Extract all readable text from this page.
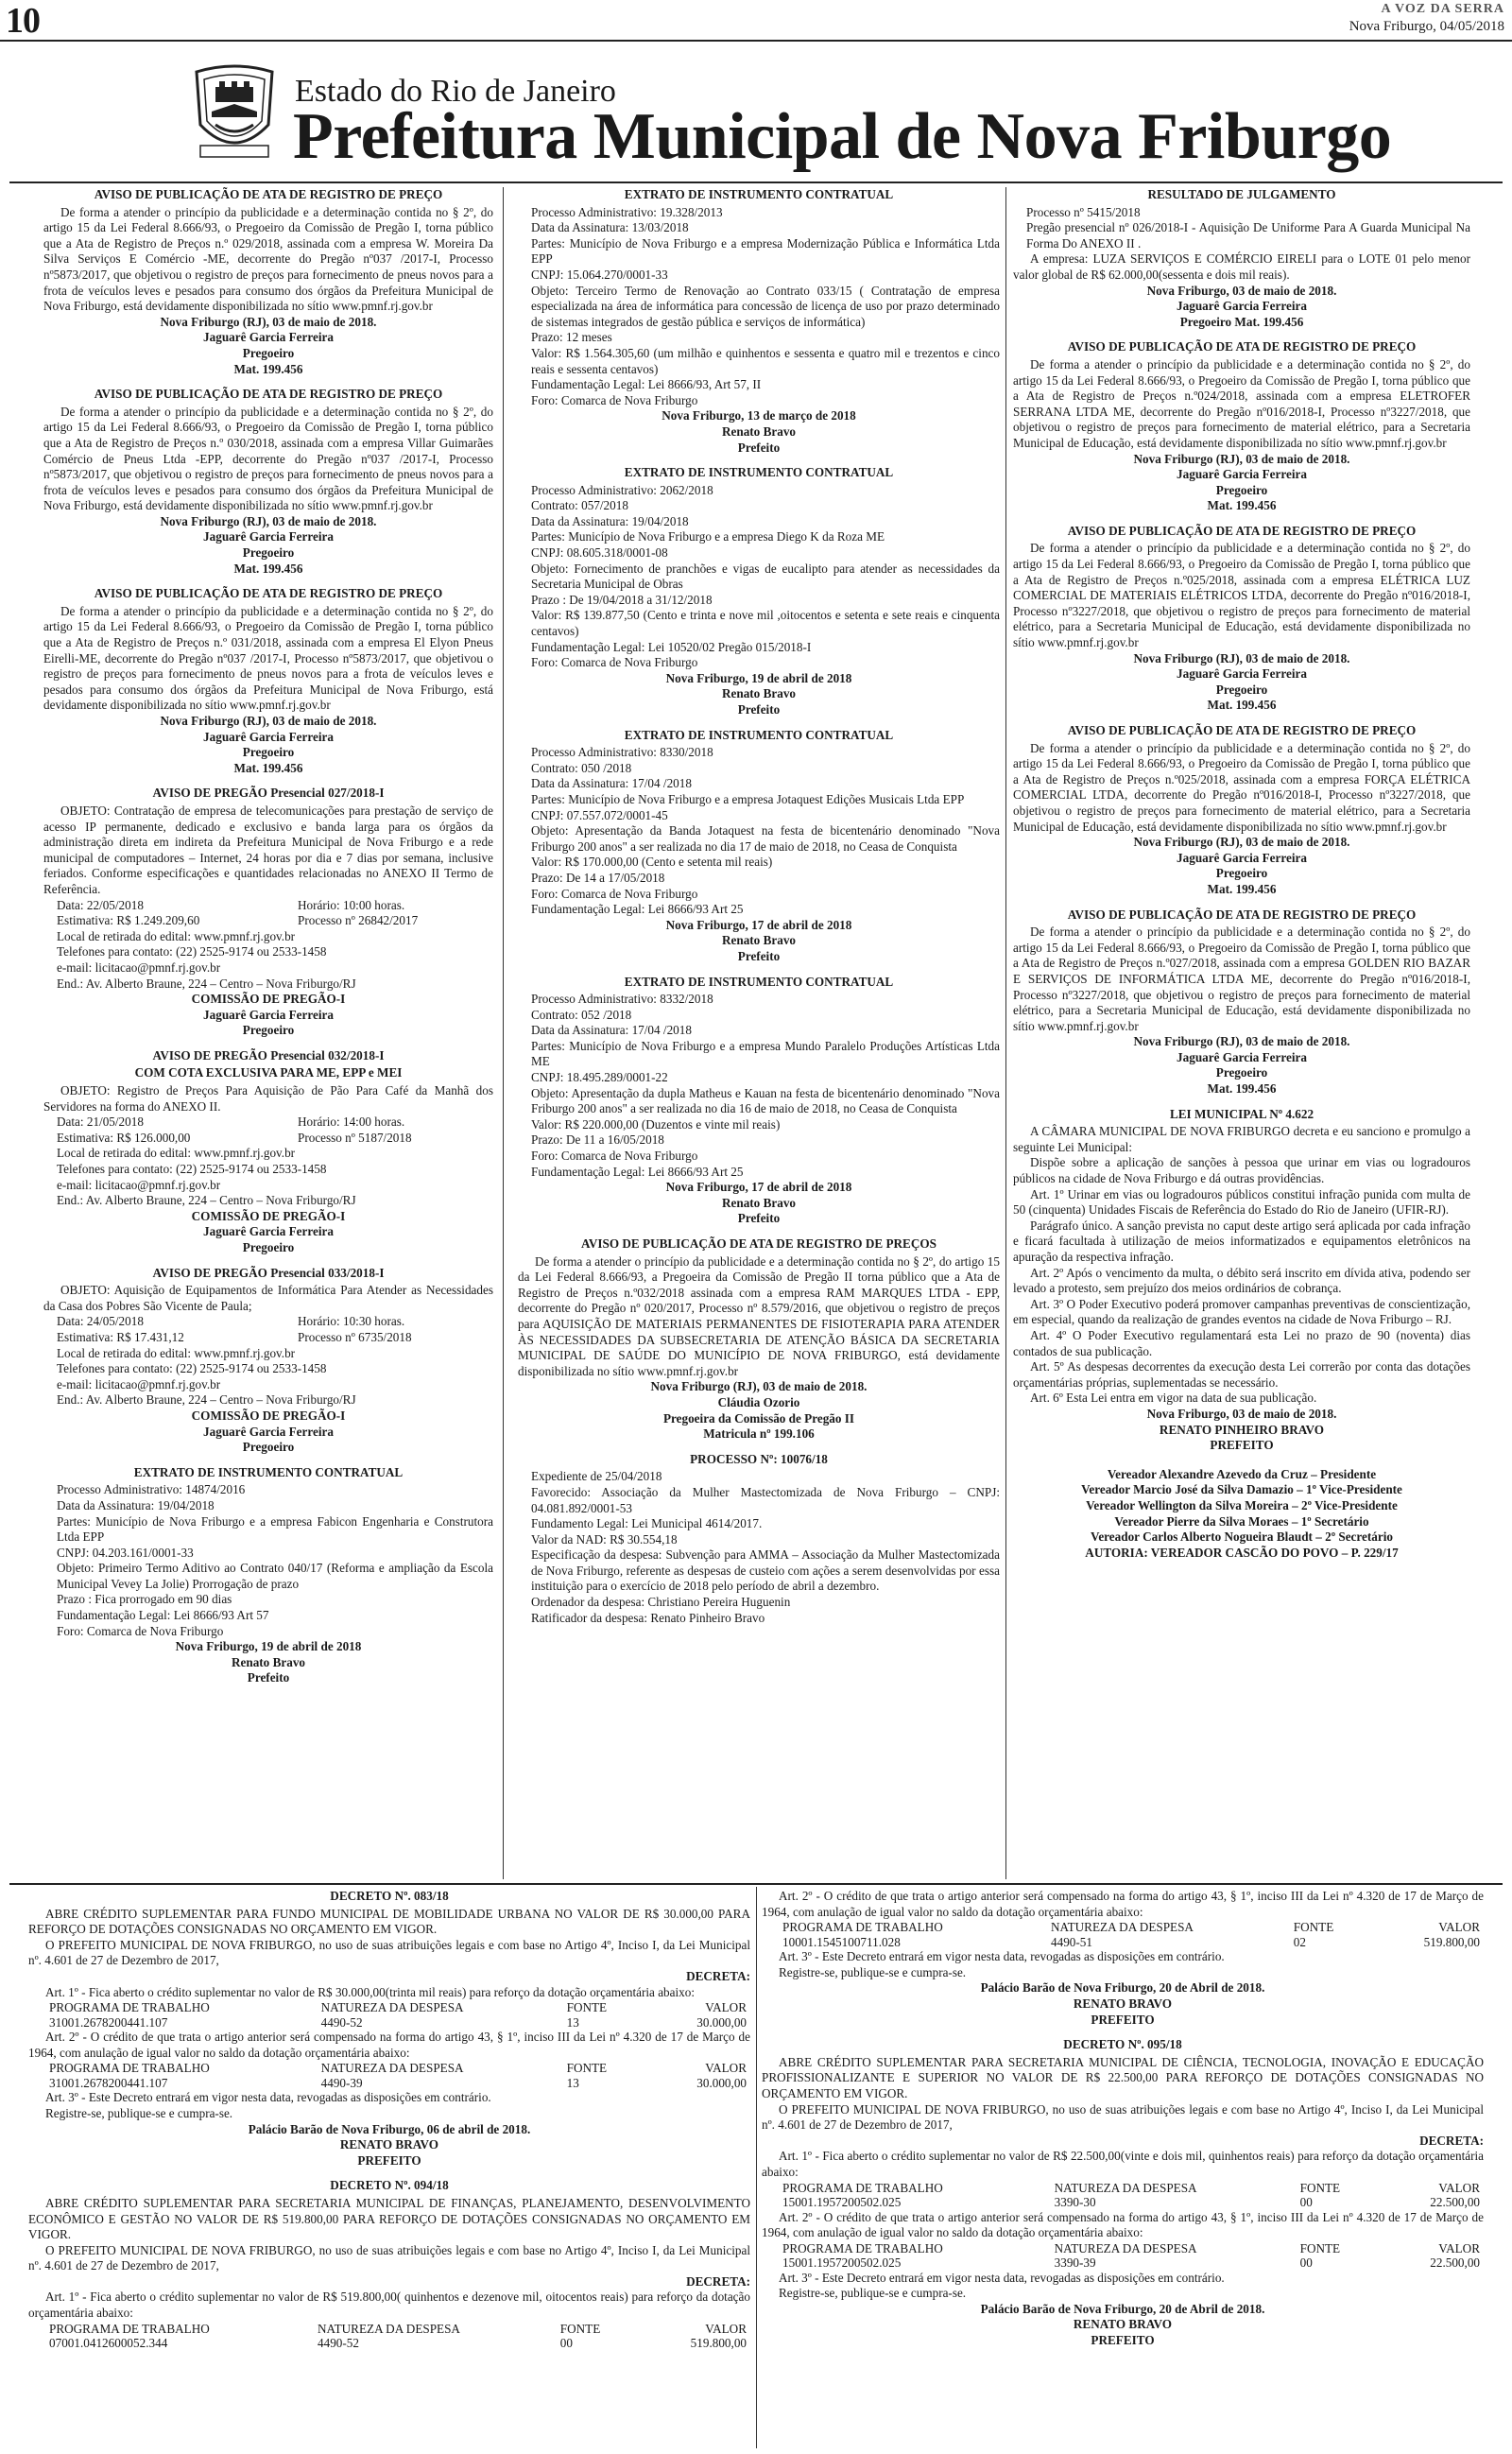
10	A VOZ DA SERRA
Nova Friburgo, 04/05/2018
Estado do Rio de Janeiro
Prefeitura Municipal de Nova Friburgo
AVISO DE PUBLICAÇÃO DE ATA DE REGISTRO DE PREÇO
De forma a atender o princípio da publicidade e a determinação contida no § 2º, do artigo 15 da Lei Federal 8.666/93, o Pregoeiro da Comissão de Pregão I, torna público que a Ata de Registro de Preços n.º 029/2018, assinada com a empresa W. Moreira Da Silva Serviços E Comércio -ME, decorrente do Pregão nº037 /2017-I, Processo nº5873/2017, que objetivou o registro de preços para fornecimento de pneus novos para a frota de veículos leves e pesados para consumo dos órgãos da Prefeitura Municipal de Nova Friburgo, está devidamente disponibilizada no sítio www.pmnf.rj.gov.br
Nova Friburgo (RJ), 03 de maio de 2018.
Jaguarê Garcia Ferreira
Pregoeiro
Mat. 199.456
AVISO DE PUBLICAÇÃO DE ATA DE REGISTRO DE PREÇO
De forma a atender o princípio da publicidade e a determinação contida no § 2º, do artigo 15 da Lei Federal 8.666/93, o Pregoeiro da Comissão de Pregão I, torna público que a Ata de Registro de Preços n.º 030/2018, assinada com a empresa Villar Guimarães Comércio de Pneus Ltda -EPP, decorrente do Pregão nº037 /2017-I, Processo nº5873/2017, que objetivou o registro de preços para fornecimento de pneus novos para a frota de veículos leves e pesados para consumo dos órgãos da Prefeitura Municipal de Nova Friburgo, está devidamente disponibilizada no sítio www.pmnf.rj.gov.br
Nova Friburgo (RJ), 03 de maio de 2018.
Jaguarê Garcia Ferreira
Pregoeiro
Mat. 199.456
AVISO DE PUBLICAÇÃO DE ATA DE REGISTRO DE PREÇO
De forma a atender o princípio da publicidade e a determinação contida no § 2º, do artigo 15 da Lei Federal 8.666/93, o Pregoeiro da Comissão de Pregão I, torna público que a Ata de Registro de Preços n.º 031/2018, assinada com a empresa El Elyon Pneus Eirelli-ME, decorrente do Pregão nº037 /2017-I, Processo nº5873/2017, que objetivou o registro de preços para fornecimento de pneus novos para a frota de veículos leves e pesados para consumo dos órgãos da Prefeitura Municipal de Nova Friburgo, está devidamente disponibilizada no sítio www.pmnf.rj.gov.br
Nova Friburgo (RJ), 03 de maio de 2018.
Jaguarê Garcia Ferreira
Pregoeiro
Mat. 199.456
AVISO DE PREGÃO Presencial 027/2018-I
OBJETO: Contratação de empresa de telecomunicações para prestação de serviço de acesso IP permanente, dedicado e exclusivo e banda larga para os órgãos da administração direta em indireta da Prefeitura Municipal de Nova Friburgo e a rede municipal de computadores – Internet, 24 horas por dia e 7 dias por semana, inclusive feriados. Conforme especificações e quantidades relacionadas no ANEXO II Termo de Referência.
Data: 22/05/2018	Horário: 10:00 horas.
Estimativa: R$ 1.249.209,60	Processo nº 26842/2017
Local de retirada do edital: www.pmnf.rj.gov.br
Telefones para contato: (22) 2525-9174 ou 2533-1458
e-mail: licitacao@pmnf.rj.gov.br
End.: Av. Alberto Braune, 224 – Centro – Nova Friburgo/RJ
COMISSÃO DE PREGÃO-I
Jaguarê Garcia Ferreira
Pregoeiro
AVISO DE PREGÃO Presencial 032/2018-I
COM COTA EXCLUSIVA PARA ME, EPP e MEI
OBJETO: Registro de Preços Para Aquisição de Pão Para Café da Manhã dos Servidores na forma do ANEXO II.
Data: 21/05/2018	Horário: 14:00 horas.
Estimativa: R$ 126.000,00	Processo nº 5187/2018
Local de retirada do edital: www.pmnf.rj.gov.br
Telefones para contato: (22) 2525-9174 ou 2533-1458
e-mail: licitacao@pmnf.rj.gov.br
End.: Av. Alberto Braune, 224 – Centro – Nova Friburgo/RJ
COMISSÃO DE PREGÃO-I
Jaguarê Garcia Ferreira
Pregoeiro
AVISO DE PREGÃO Presencial 033/2018-I
OBJETO: Aquisição de Equipamentos de Informática Para Atender as Necessidades da Casa dos Pobres São Vicente de Paula;
Data: 24/05/2018	Horário: 10:30 horas.
Estimativa: R$ 17.431,12	Processo nº 6735/2018
Local de retirada do edital: www.pmnf.rj.gov.br
Telefones para contato: (22) 2525-9174 ou 2533-1458
e-mail: licitacao@pmnf.rj.gov.br
End.: Av. Alberto Braune, 224 – Centro – Nova Friburgo/RJ
COMISSÃO DE PREGÃO-I
Jaguarê Garcia Ferreira
Pregoeiro
EXTRATO DE INSTRUMENTO CONTRATUAL
Processo Administrativo: 14874/2016
Data da Assinatura: 19/04/2018
Partes: Município de Nova Friburgo e a empresa Fabicon Engenharia e Construtora Ltda EPP
CNPJ: 04.203.161/0001-33
Objeto: Primeiro Termo Aditivo ao Contrato 040/17 (Reforma e ampliação da Escola Municipal Vevey La Jolie) Prorrogação de prazo
Prazo : Fica prorrogado em 90 dias
Fundamentação Legal: Lei 8666/93 Art 57
Foro: Comarca de Nova Friburgo
Nova Friburgo, 19 de abril de 2018
Renato Bravo
Prefeito
EXTRATO DE INSTRUMENTO CONTRATUAL
Processo Administrativo: 19.328/2013
Data da Assinatura: 13/03/2018
Partes: Município de Nova Friburgo e a empresa Modernização Pública e Informática Ltda EPP
CNPJ: 15.064.270/0001-33
Objeto: Terceiro Termo de Renovação ao Contrato 033/15 ( Contratação de empresa especializada na área de informática para concessão de licença de uso por prazo determinado de sistemas integrados de gestão pública e serviços de informática)
Prazo: 12 meses
Valor: R$ 1.564.305,60 (um milhão e quinhentos e sessenta e quatro mil e trezentos e cinco reais e sessenta centavos)
Fundamentação Legal: Lei 8666/93, Art 57, II
Foro: Comarca de Nova Friburgo
Nova Friburgo, 13 de março de 2018
Renato Bravo
Prefeito
EXTRATO DE INSTRUMENTO CONTRATUAL
Processo Administrativo: 2062/2018
Contrato: 057/2018
Data da Assinatura: 19/04/2018
Partes: Município de Nova Friburgo e a empresa Diego K da Roza ME
CNPJ: 08.605.318/0001-08
Objeto: Fornecimento de pranchões e vigas de eucalipto para atender as necessidades da Secretaria Municipal de Obras
Prazo : De 19/04/2018 a 31/12/2018
Valor: R$ 139.877,50 (Cento e trinta e nove mil ,oitocentos e setenta e sete reais e cinquenta centavos)
Fundamentação Legal: Lei 10520/02 Pregão 015/2018-I
Foro: Comarca de Nova Friburgo
Nova Friburgo, 19 de abril de 2018
Renato Bravo
Prefeito
EXTRATO DE INSTRUMENTO CONTRATUAL
Processo Administrativo: 8330/2018
Contrato: 050 /2018
Data da Assinatura: 17/04 /2018
Partes: Município de Nova Friburgo e a empresa Jotaquest Edições Musicais Ltda EPP
CNPJ: 07.557.072/0001-45
Objeto: Apresentação da Banda Jotaquest na festa de bicentenário denominado "Nova Friburgo 200 anos" a ser realizada no dia 17 de maio de 2018, no Ceasa de Conquista
Valor: R$ 170.000,00 (Cento e setenta mil reais)
Prazo: De 14 a 17/05/2018
Foro: Comarca de Nova Friburgo
Fundamentação Legal: Lei 8666/93 Art 25
Nova Friburgo, 17 de abril de 2018
Renato Bravo
Prefeito
EXTRATO DE INSTRUMENTO CONTRATUAL
Processo Administrativo: 8332/2018
Contrato: 052 /2018
Data da Assinatura: 17/04 /2018
Partes: Município de Nova Friburgo e a empresa Mundo Paralelo Produções Artísticas Ltda ME
CNPJ: 18.495.289/0001-22
Objeto: Apresentação da dupla Matheus e Kauan na festa de bicentenário denominado "Nova Friburgo 200 anos" a ser realizada no dia 16 de maio de 2018, no Ceasa de Conquista
Valor: R$ 220.000,00 (Duzentos e vinte mil reais)
Prazo: De 11 a 16/05/2018
Foro: Comarca de Nova Friburgo
Fundamentação Legal: Lei 8666/93 Art 25
Nova Friburgo, 17 de abril de 2018
Renato Bravo
Prefeito
AVISO DE PUBLICAÇÃO DE ATA DE REGISTRO DE PREÇOS
De forma a atender o princípio da publicidade e a determinação contida no § 2º, do artigo 15 da Lei Federal 8.666/93, a Pregoeira da Comissão de Pregão II torna público que a Ata de Registro de Preços n.º032/2018 assinada com a empresa RAM MARQUES LTDA - EPP, decorrente do Pregão nº 020/2017, Processo nº 8.579/2016, que objetivou o registro de preços para AQUISIÇÃO DE MATERIAIS PERMANENTES DE FISIOTERAPIA PARA ATENDER ÀS NECESSIDADES DA SUBSECRETARIA DE ATENÇÃO BÁSICA DA SECRETARIA MUNICIPAL DE SAÚDE DO MUNICÍPIO DE NOVA FRIBURGO, está devidamente disponibilizada no sítio www.pmnf.rj.gov.br
Nova Friburgo (RJ), 03 de maio de 2018.
Cláudia Ozorio
Pregoeira da Comissão de Pregão II
Matricula nº 199.106
PROCESSO Nº: 10076/18
Expediente de 25/04/2018
Favorecido: Associação da Mulher Mastectomizada de Nova Friburgo – CNPJ: 04.081.892/0001-53
Fundamento Legal: Lei Municipal 4614/2017.
Valor da NAD: R$ 30.554,18
Especificação da despesa: Subvenção para AMMA – Associação da Mulher Mastectomizada de Nova Friburgo, referente as despesas de custeio com ações a serem desenvolvidas por essa instituição para o exercício de 2018 pelo período de abril a dezembro.
Ordenador da despesa: Christiano Pereira Huguenin
Ratificador da despesa: Renato Pinheiro Bravo
RESULTADO DE JULGAMENTO
Processo nº 5415/2018
Pregão presencial nº 026/2018-I - Aquisição De Uniforme Para A Guarda Municipal Na Forma Do ANEXO II .
A empresa: LUZA SERVIÇOS E COMÉRCIO EIRELI para o LOTE 01 pelo menor valor global de R$ 62.000,00(sessenta e dois mil reais).
Nova Friburgo, 03 de maio de 2018.
Jaguarê Garcia Ferreira
Pregoeiro Mat. 199.456
AVISO DE PUBLICAÇÃO DE ATA DE REGISTRO DE PREÇO
De forma a atender o princípio da publicidade e a determinação contida no § 2º, do artigo 15 da Lei Federal 8.666/93, o Pregoeiro da Comissão de Pregão I, torna público que a Ata de Registro de Preços n.º024/2018, assinada com a empresa ELETROFER SERRANA LTDA ME, decorrente do Pregão nº016/2018-I, Processo nº3227/2018, que objetivou o registro de preços para fornecimento de material elétrico, para a Secretaria Municipal de Educação, está devidamente disponibilizada no sítio www.pmnf.rj.gov.br
Nova Friburgo (RJ), 03 de maio de 2018.
Jaguarê Garcia Ferreira
Pregoeiro
Mat. 199.456
AVISO DE PUBLICAÇÃO DE ATA DE REGISTRO DE PREÇO
De forma a atender o princípio da publicidade e a determinação contida no § 2º, do artigo 15 da Lei Federal 8.666/93, o Pregoeiro da Comissão de Pregão I, torna público que a Ata de Registro de Preços n.º025/2018, assinada com a empresa ELÉTRICA LUZ COMERCIAL DE MATERIAIS ELÉTRICOS LTDA, decorrente do Pregão nº016/2018-I, Processo nº3227/2018, que objetivou o registro de preços para fornecimento de material elétrico, para a Secretaria Municipal de Educação, está devidamente disponibilizada no sítio www.pmnf.rj.gov.br
Nova Friburgo (RJ), 03 de maio de 2018.
Jaguarê Garcia Ferreira
Pregoeiro
Mat. 199.456
AVISO DE PUBLICAÇÃO DE ATA DE REGISTRO DE PREÇO
De forma a atender o princípio da publicidade e a determinação contida no § 2º, do artigo 15 da Lei Federal 8.666/93, o Pregoeiro da Comissão de Pregão I, torna público que a Ata de Registro de Preços n.º025/2018, assinada com a empresa FORÇA ELÉTRICA COMERCIAL LTDA, decorrente do Pregão nº016/2018-I, Processo nº3227/2018, que objetivou o registro de preços para fornecimento de material elétrico, para a Secretaria Municipal de Educação, está devidamente disponibilizada no sítio www.pmnf.rj.gov.br
Nova Friburgo (RJ), 03 de maio de 2018.
Jaguarê Garcia Ferreira
Pregoeiro
Mat. 199.456
AVISO DE PUBLICAÇÃO DE ATA DE REGISTRO DE PREÇO
De forma a atender o princípio da publicidade e a determinação contida no § 2º, do artigo 15 da Lei Federal 8.666/93, o Pregoeiro da Comissão de Pregão I, torna público que a Ata de Registro de Preços n.º027/2018, assinada com a empresa GOLDEN RIO BAZAR E SERVIÇOS DE INFORMÁTICA LTDA ME, decorrente do Pregão nº016/2018-I, Processo nº3227/2018, que objetivou o registro de preços para fornecimento de material elétrico, para a Secretaria Municipal de Educação, está devidamente disponibilizada no sítio www.pmnf.rj.gov.br
Nova Friburgo (RJ), 03 de maio de 2018.
Jaguarê Garcia Ferreira
Pregoeiro
Mat. 199.456
LEI MUNICIPAL Nº 4.622
A CÂMARA MUNICIPAL DE NOVA FRIBURGO decreta e eu sanciono e promulgo a seguinte Lei Municipal:
Dispõe sobre a aplicação de sanções à pessoa que urinar em vias ou logradouros públicos na cidade de Nova Friburgo e dá outras providências.
Art. 1º Urinar em vias ou logradouros públicos constitui infração punida com multa de 50 (cinquenta) Unidades Fiscais de Referência do Estado do Rio de Janeiro (UFIR-RJ).
Parágrafo único. A sanção prevista no caput deste artigo será aplicada por cada infração e ficará facultada à utilização de meios informatizados e equipamentos eletrônicos na apuração da respectiva infração.
Art. 2º Após o vencimento da multa, o débito será inscrito em dívida ativa, podendo ser levado a protesto, sem prejuízo dos meios ordinários de cobrança.
Art. 3º O Poder Executivo poderá promover campanhas preventivas de conscientização, em especial, quando da realização de grandes eventos na cidade de Nova Friburgo – RJ.
Art. 4º O Poder Executivo regulamentará esta Lei no prazo de 90 (noventa) dias contados de sua publicação.
Art. 5º As despesas decorrentes da execução desta Lei correrão por conta das dotações orçamentárias próprias, suplementadas se necessário.
Art. 6º Esta Lei entra em vigor na data de sua publicação.
Nova Friburgo, 03 de maio de 2018.
RENATO PINHEIRO BRAVO
PREFEITO
Vereador Alexandre Azevedo da Cruz – Presidente
Vereador Marcio José da Silva Damazio – 1º Vice-Presidente
Vereador Wellington da Silva Moreira – 2º Vice-Presidente
Vereador Pierre da Silva Moraes – 1º Secretário
Vereador Carlos Alberto Nogueira Blaudt – 2º Secretário
AUTORIA: VEREADOR CASCÃO DO POVO – P. 229/17
DECRETO Nº. 083/18
ABRE CRÉDITO SUPLEMENTAR PARA FUNDO MUNICIPAL DE MOBILIDADE URBANA NO VALOR DE R$ 30.000,00 PARA REFORÇO DE DOTAÇÕES CONSIGNADAS NO ORÇAMENTO EM VIGOR.
O PREFEITO MUNICIPAL DE NOVA FRIBURGO, no uso de suas atribuições legais e com base no Artigo 4º, Inciso I, da Lei Municipal nº. 4.601 de 27 de Dezembro de 2017,
DECRETA:
Art. 1º - Fica aberto o crédito suplementar no valor de R$ 30.000,00(trinta mil reais) para reforço da dotação orçamentária abaixo:
PROGRAMA DE TRABALHO	NATUREZA DA DESPESA	FONTE	VALOR
31001.2678200441.107	4490-52	13	30.000,00
Art. 2º - O crédito de que trata o artigo anterior será compensado na forma do artigo 43, § 1º, inciso III da Lei nº 4.320 de 17 de Março de 1964, com anulação de igual valor no saldo da dotação orçamentária abaixo:
PROGRAMA DE TRABALHO	NATUREZA DA DESPESA	FONTE	VALOR
31001.2678200441.107	4490-39	13	30.000,00
Art. 3º - Este Decreto entrará em vigor nesta data, revogadas as disposições em contrário.
Registre-se, publique-se e cumpra-se.
Palácio Barão de Nova Friburgo, 06 de abril de 2018.
RENATO BRAVO
PREFEITO
DECRETO Nº. 094/18
ABRE CRÉDITO SUPLEMENTAR PARA SECRETARIA MUNICIPAL DE FINANÇAS, PLANEJAMENTO, DESENVOLVIMENTO ECONÔMICO E GESTÃO NO VALOR DE R$ 519.800,00 PARA REFORÇO DE DOTAÇÕES CONSIGNADAS NO ORÇAMENTO EM VIGOR.
O PREFEITO MUNICIPAL DE NOVA FRIBURGO, no uso de suas atribuições legais e com base no Artigo 4º, Inciso I, da Lei Municipal nº. 4.601 de 27 de Dezembro de 2017,
DECRETA:
Art. 1º - Fica aberto o crédito suplementar no valor de R$ 519.800,00( quinhentos e dezenove mil, oitocentos reais) para reforço da dotação orçamentária abaixo:
PROGRAMA DE TRABALHO	NATUREZA DA DESPESA	FONTE	VALOR
07001.0412600052.344	4490-52	00	519.800,00
Art. 2º - O crédito de que trata o artigo anterior será compensado na forma do artigo 43, § 1º, inciso III da Lei nº 4.320 de 17 de Março de 1964, com anulação de igual valor no saldo da dotação orçamentária abaixo:
PROGRAMA DE TRABALHO	NATUREZA DA DESPESA	FONTE	VALOR
10001.1545100711.028	4490-51	02	519.800,00
Art. 3º - Este Decreto entrará em vigor nesta data, revogadas as disposições em contrário.
Registre-se, publique-se e cumpra-se.
Palácio Barão de Nova Friburgo, 20 de Abril de 2018.
RENATO BRAVO
PREFEITO
DECRETO Nº. 095/18
ABRE CRÉDITO SUPLEMENTAR PARA SECRETARIA MUNICIPAL DE CIÊNCIA, TECNOLOGIA, INOVAÇÃO E EDUCAÇÃO PROFISSIONALIZANTE E SUPERIOR NO VALOR DE R$ 22.500,00 PARA REFORÇO DE DOTAÇÕES CONSIGNADAS NO ORÇAMENTO EM VIGOR.
O PREFEITO MUNICIPAL DE NOVA FRIBURGO, no uso de suas atribuições legais e com base no Artigo 4º, Inciso I, da Lei Municipal nº. 4.601 de 27 de Dezembro de 2017,
DECRETA:
Art. 1º - Fica aberto o crédito suplementar no valor de R$ 22.500,00(vinte e dois mil, quinhentos reais) para reforço da dotação orçamentária abaixo:
PROGRAMA DE TRABALHO	NATUREZA DA DESPESA	FONTE	VALOR
15001.1957200502.025	3390-30	00	22.500,00
Art. 2º - O crédito de que trata o artigo anterior será compensado na forma do artigo 43, § 1º, inciso III da Lei nº 4.320 de 17 de Março de 1964, com anulação de igual valor no saldo da dotação orçamentária abaixo:
PROGRAMA DE TRABALHO	NATUREZA DA DESPESA	FONTE	VALOR
15001.1957200502.025	3390-39	00	22.500,00
Art. 3º - Este Decreto entrará em vigor nesta data, revogadas as disposições em contrário.
Registre-se, publique-se e cumpra-se.
Palácio Barão de Nova Friburgo, 20 de Abril de 2018.
RENATO BRAVO
PREFEITO
